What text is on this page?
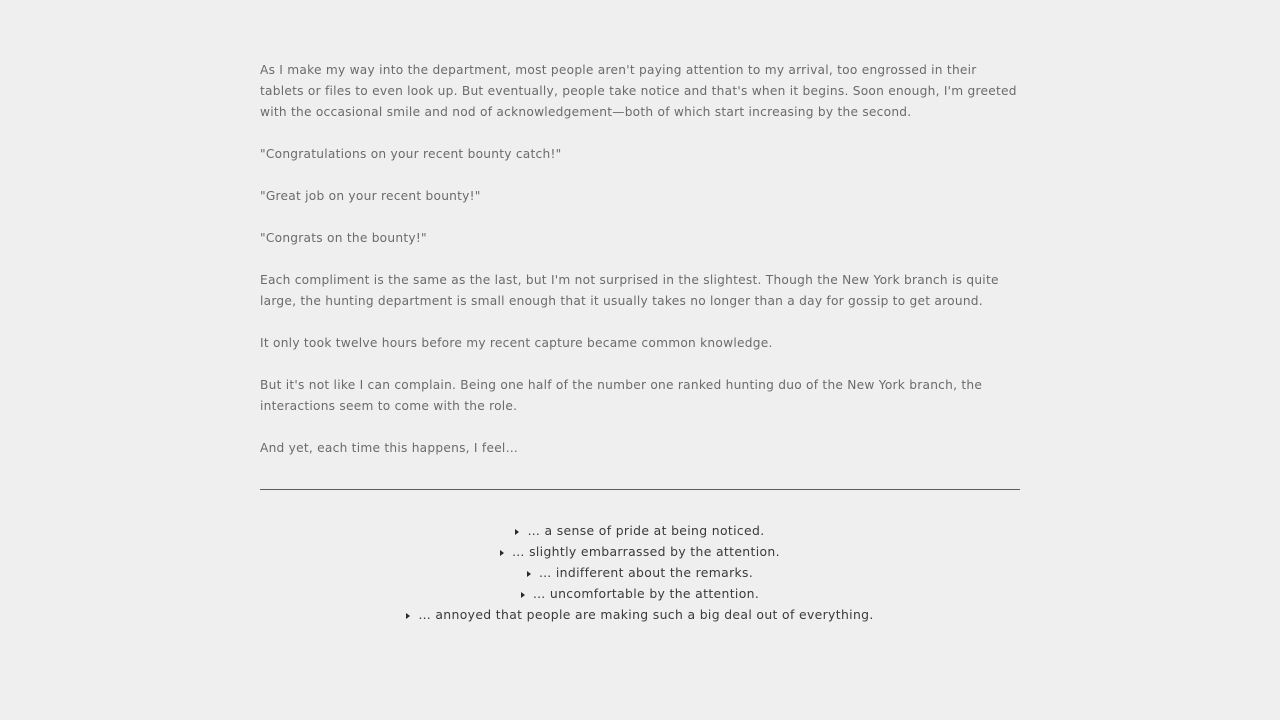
As I make my way into the department, most people aren't paying attention to my arrival, too engrossed in their tablets or files to even look up. But eventually, people take notice and that's when it begins. Soon enough, I'm greeted with the occasional smile and nod of acknowledgement—both of which start increasing by the second.

"Congratulations on your recent bounty catch!"

"Great job on your recent bounty!"

"Congrats on the bounty!"

Each compliment is the same as the last, but I'm not surprised in the slightest. Though the New York branch is quite large, the hunting department is small enough that it usually takes no longer than a day for gossip to get around.

It only took twelve hours before my recent capture became common knowledge.

But it's not like I can complain. Being one half of the number one ranked hunting duo of the New York branch, the interactions seem to come with the role.

And yet, each time this happens, I feel…

… a sense of pride at being noticed.
… slightly embarrassed by the attention.
… indifferent about the remarks.
… uncomfortable by the attention.
… annoyed that people are making such a big deal out of everything.
